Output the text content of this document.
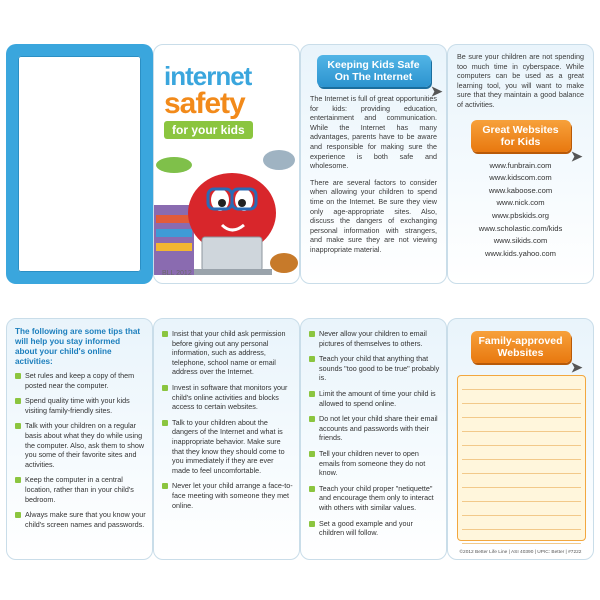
internet
safety
for your kids
BLL 2012
Keeping Kids Safe On The Internet
➤

The Internet is full of great opportunities for kids: providing education, entertainment and communication. While the Internet has many advantages, parents have to be aware and responsible for making sure the experience is both safe and wholesome.

There are several factors to consider when allowing your children to spend time on the Internet. Be sure they view only age-appropriate sites. Also, discuss the dangers of exchanging personal information with strangers, and make sure they are not viewing inappropriate material.

Be sure your children are not spending too much time in cyberspace. While computers can be used as a great learning tool, you will want to make sure that they maintain a good balance of activities.

Great Websites for Kids
➤
www.funbrain.com
www.kidscom.com
www.kaboose.com
www.nick.com
www.pbskids.org
www.scholastic.com/kids
www.sikids.com
www.kids.yahoo.com
The following are some tips that will help you stay informed about your child's online activities:
Set rules and keep a copy of them posted near the computer.
Spend quality time with your kids visiting family-friendly sites.
Talk with your children on a regular basis about what they do while using the computer. Also, ask them to show you some of their favorite sites and activities.
Keep the computer in a central location, rather than in your child's bedroom.
Always make sure that you know your child's screen names and passwords.
Insist that your child ask permission before giving out any personal information, such as address, telephone, school name or email address over the Internet.
Invest in software that monitors your child's online activities and blocks access to certain websites.
Talk to your children about the dangers of the Internet and what is inappropriate behavior. Make sure that they know they should come to you immediately if they are ever made to feel uncomfortable.
Never let your child arrange a face-to-face meeting with someone they met online.
Never allow your children to email pictures of themselves to others.
Teach your child that anything that sounds "too good to be true" probably is.
Limit the amount of time your child is allowed to spend online.
Do not let your child share their email accounts and passwords with their friends.
Tell your children never to open emails from someone they do not know.
Teach your child proper "netiquette" and encourage them only to interact with others with similar values.
Set a good example and your children will follow.
Family-approved Websites
➤
©2012 Better Life Line | ASI 40390 | UPIC: Better | #7222
